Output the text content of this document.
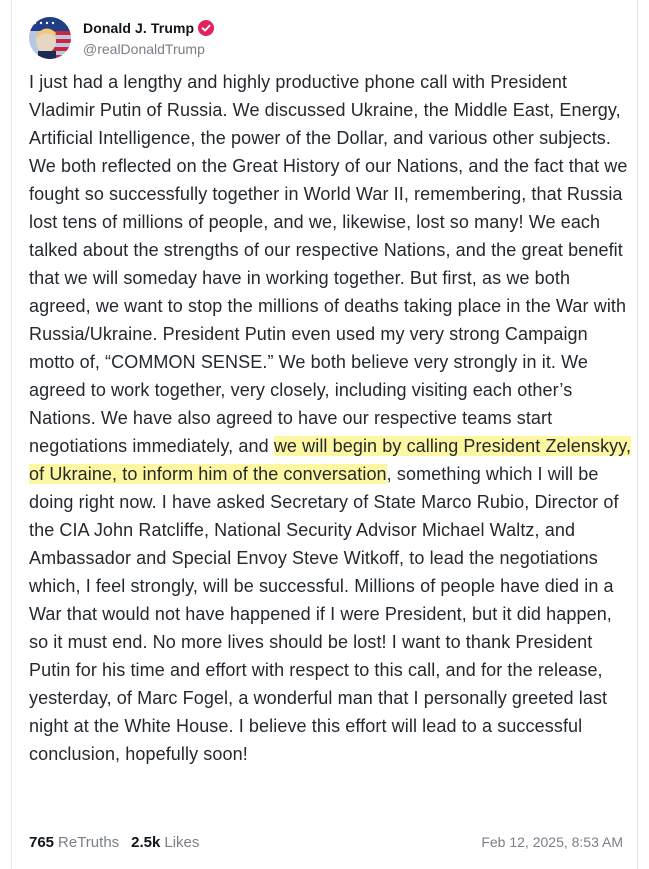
Donald J. Trump
@realDonaldTrump

I just had a lengthy and highly productive phone call with President Vladimir Putin of Russia. We discussed Ukraine, the Middle East, Energy, Artificial Intelligence, the power of the Dollar, and various other subjects. We both reflected on the Great History of our Nations, and the fact that we fought so successfully together in World War II, remembering, that Russia lost tens of millions of people, and we, likewise, lost so many! We each talked about the strengths of our respective Nations, and the great benefit that we will someday have in working together. But first, as we both agreed, we want to stop the millions of deaths taking place in the War with Russia/Ukraine. President Putin even used my very strong Campaign motto of, “COMMON SENSE.” We both believe very strongly in it. We agreed to work together, very closely, including visiting each other’s Nations. We have also agreed to have our respective teams start negotiations immediately, and we will begin by calling President Zelenskyy, of Ukraine, to inform him of the conversation, something which I will be doing right now. I have asked Secretary of State Marco Rubio, Director of the CIA John Ratcliffe, National Security Advisor Michael Waltz, and Ambassador and Special Envoy Steve Witkoff, to lead the negotiations which, I feel strongly, will be successful. Millions of people have died in a War that would not have happened if I were President, but it did happen, so it must end. No more lives should be lost! I want to thank President Putin for his time and effort with respect to this call, and for the release, yesterday, of Marc Fogel, a wonderful man that I personally greeted last night at the White House. I believe this effort will lead to a successful conclusion, hopefully soon!

765 ReTruths 2.5k Likes	Feb 12, 2025, 8:53 AM
